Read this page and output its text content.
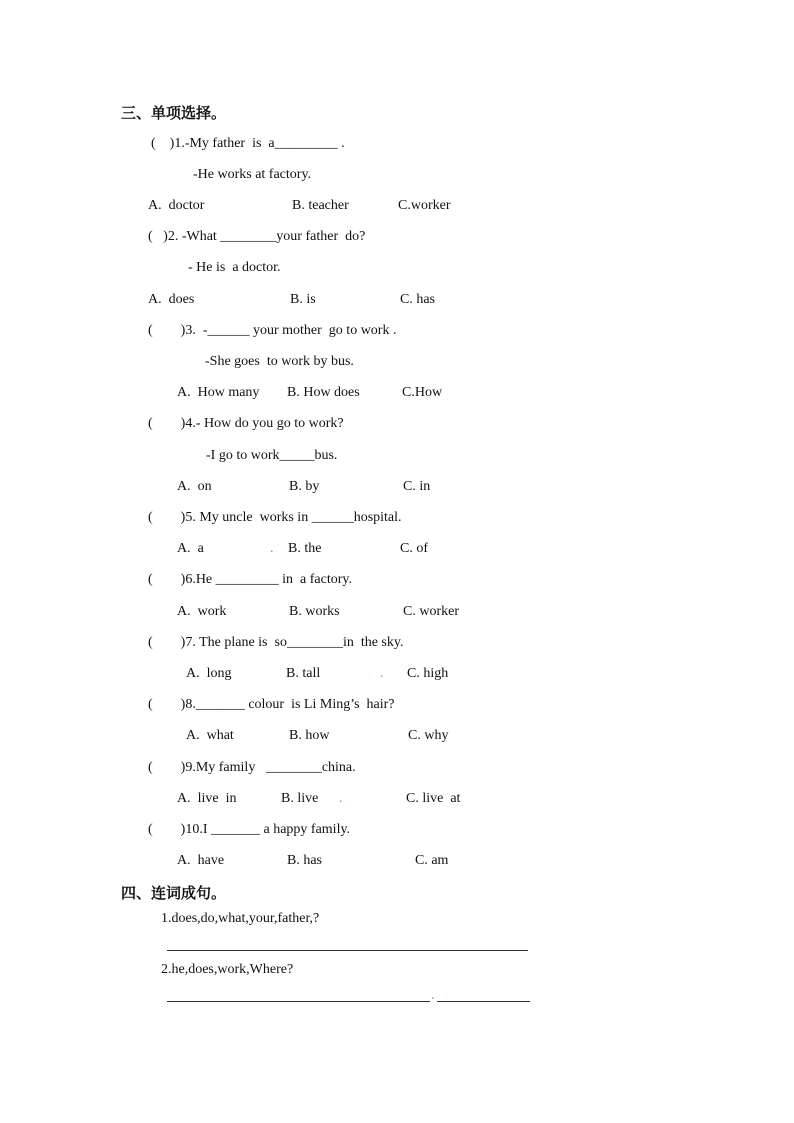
三、单项选择。
(    )1.-My father  is  a_________ .
-He works at factory.
A.  doctor	B. teacher	C.worker
(   )2. -What ________your father  do?
- He is  a doctor.
A.  does	B. is	C. has
(        )3.  -______ your mother  go to work .
-She goes  to work by bus.
A.  How many B. How does	C.How
(        )4.- How do you go to work?
-I go to work_____bus.
A.  on	B. by	C. in
(        )5. My uncle  works in ______hospital.
A.  a	. B. the	C. of
(        )6.He _________ in  a factory.
A.  work	B. works	C. worker
(        )7. The plane is  so________in  the sky.
A.  long	B. tall	. C. high
(        )8._______ colour  is Li Ming’s  hair?
A.  what	B. how	C. why
(        )9.My family   ________china.
A.  live  in	B. live .	C. live  at
(        )10.I _______ a happy family.
A.  have	B. has	C. am
四、连词成句。
1.does,do,what,your,father,?
2.he,does,work,Where?
.
